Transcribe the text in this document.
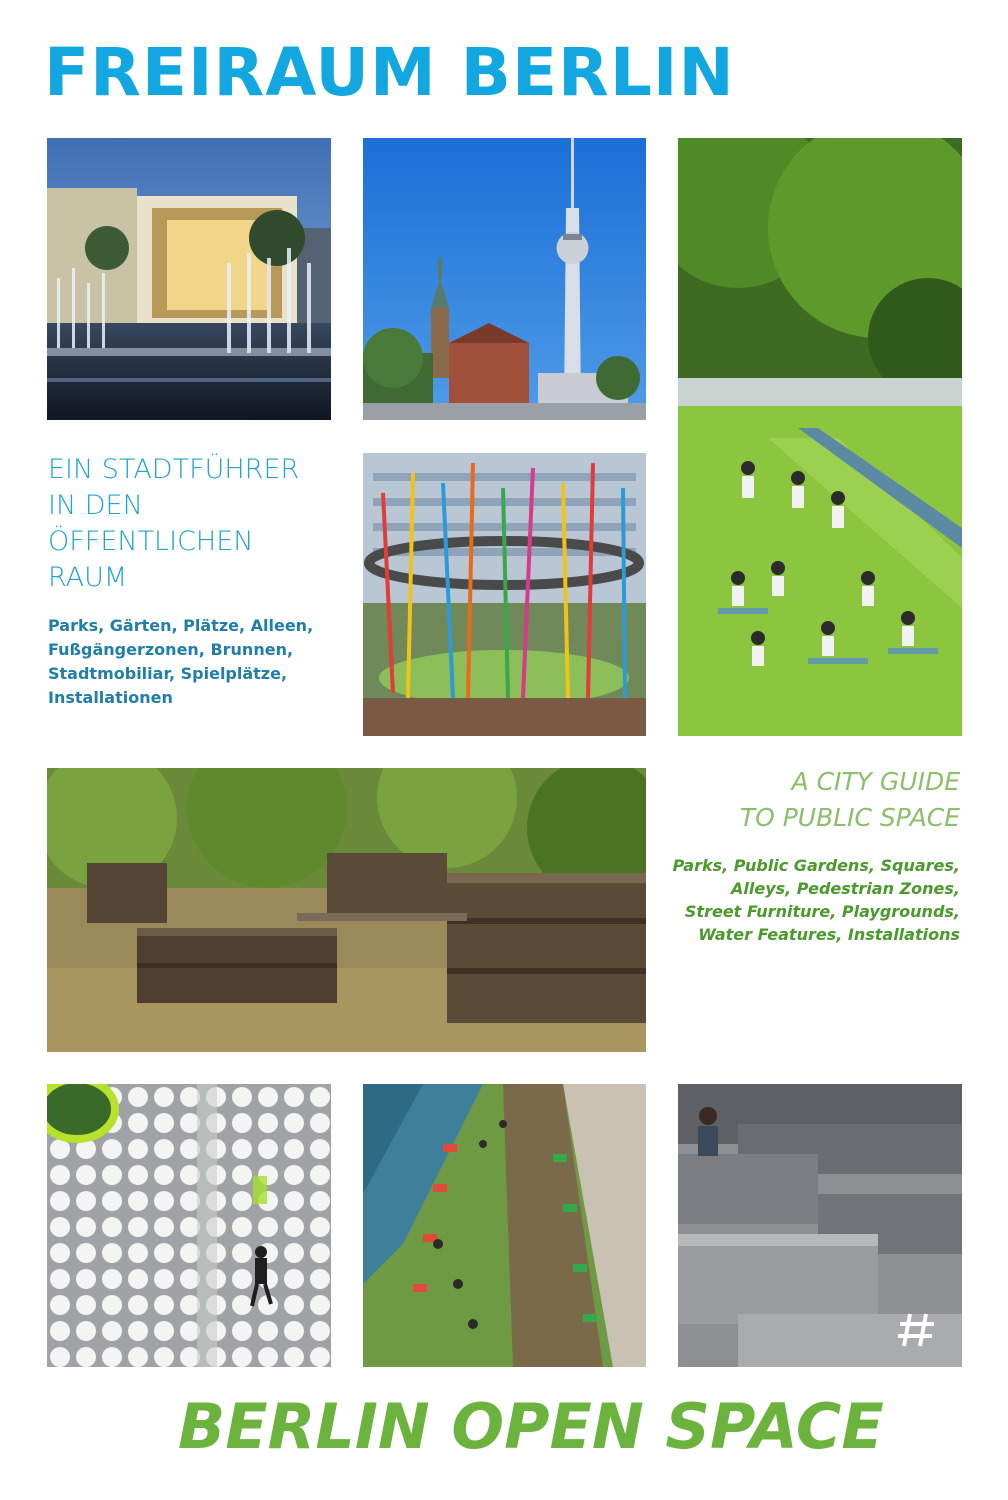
FREIRAUM BERLIN
EIN STADTFÜHRER
IN DEN
ÖFFENTLICHEN
RAUM
Parks, Gärten, Plätze, Alleen,
Fußgängerzonen, Brunnen,
Stadtmobiliar, Spielplätze,
Installationen
A CITY GUIDE
TO PUBLIC SPACE
Parks, Public Gardens, Squares,
Alleys, Pedestrian Zones,
Street Furniture, Playgrounds,
Water Features, Installations
BERLIN OPEN SPACE
